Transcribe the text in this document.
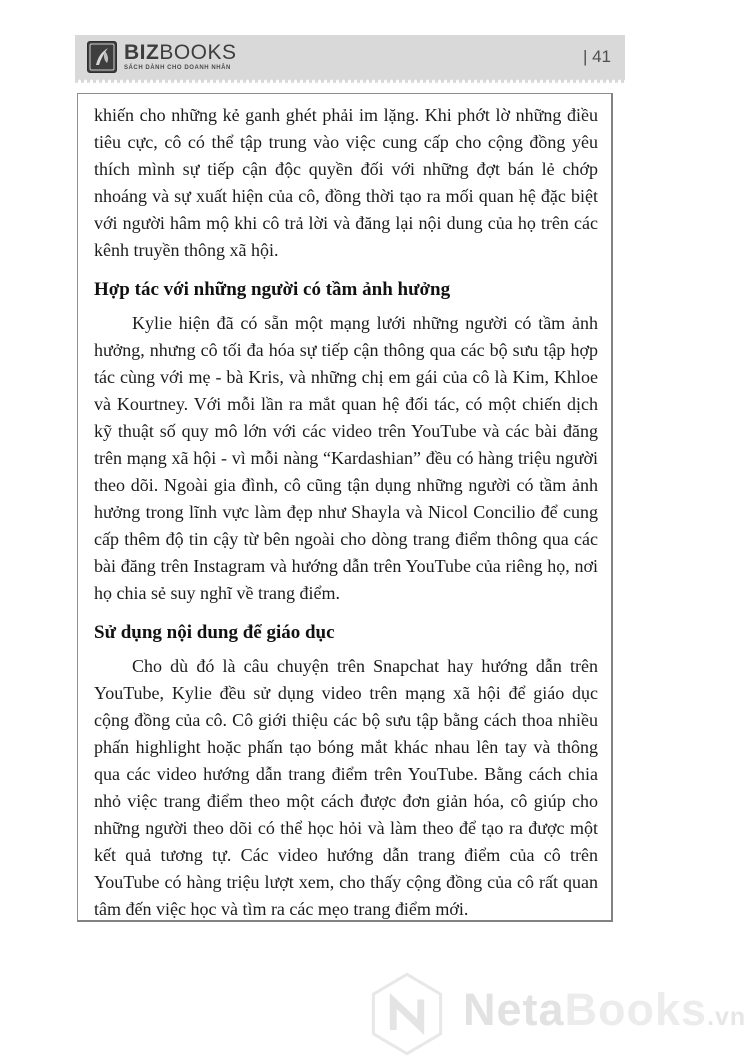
BIZBOOKS
SÁCH DÀNH CHO DOANH NHÂN
| 41

khiến cho những kẻ ganh ghét phải im lặng. Khi phớt lờ những điều tiêu cực, cô có thể tập trung vào việc cung cấp cho cộng đồng yêu thích mình sự tiếp cận độc quyền đối với những đợt bán lẻ chớp nhoáng và sự xuất hiện của cô, đồng thời tạo ra mối quan hệ đặc biệt với người hâm mộ khi cô trả lời và đăng lại nội dung của họ trên các kênh truyền thông xã hội.

Hợp tác với những người có tầm ảnh hưởng

Kylie hiện đã có sẵn một mạng lưới những người có tầm ảnh hưởng, nhưng cô tối đa hóa sự tiếp cận thông qua các bộ sưu tập hợp tác cùng với mẹ - bà Kris, và những chị em gái của cô là Kim, Khloe và Kourtney. Với mỗi lần ra mắt quan hệ đối tác, có một chiến dịch kỹ thuật số quy mô lớn với các video trên YouTube và các bài đăng trên mạng xã hội - vì mỗi nàng “Kardashian” đều có hàng triệu người theo dõi. Ngoài gia đình, cô cũng tận dụng những người có tầm ảnh hưởng trong lĩnh vực làm đẹp như Shayla và Nicol Concilio để cung cấp thêm độ tin cậy từ bên ngoài cho dòng trang điểm thông qua các bài đăng trên Instagram và hướng dẫn trên YouTube của riêng họ, nơi họ chia sẻ suy nghĩ về trang điểm.

Sử dụng nội dung để giáo dục

Cho dù đó là câu chuyện trên Snapchat hay hướng dẫn trên YouTube, Kylie đều sử dụng video trên mạng xã hội để giáo dục cộng đồng của cô. Cô giới thiệu các bộ sưu tập bằng cách thoa nhiều phấn highlight hoặc phấn tạo bóng mắt khác nhau lên tay và thông qua các video hướng dẫn trang điểm trên YouTube. Bằng cách chia nhỏ việc trang điểm theo một cách được đơn giản hóa, cô giúp cho những người theo dõi có thể học hỏi và làm theo để tạo ra được một kết quả tương tự. Các video hướng dẫn trang điểm của cô trên YouTube có hàng triệu lượt xem, cho thấy cộng đồng của cô rất quan tâm đến việc học và tìm ra các mẹo trang điểm mới.

NetaBooks.vn
